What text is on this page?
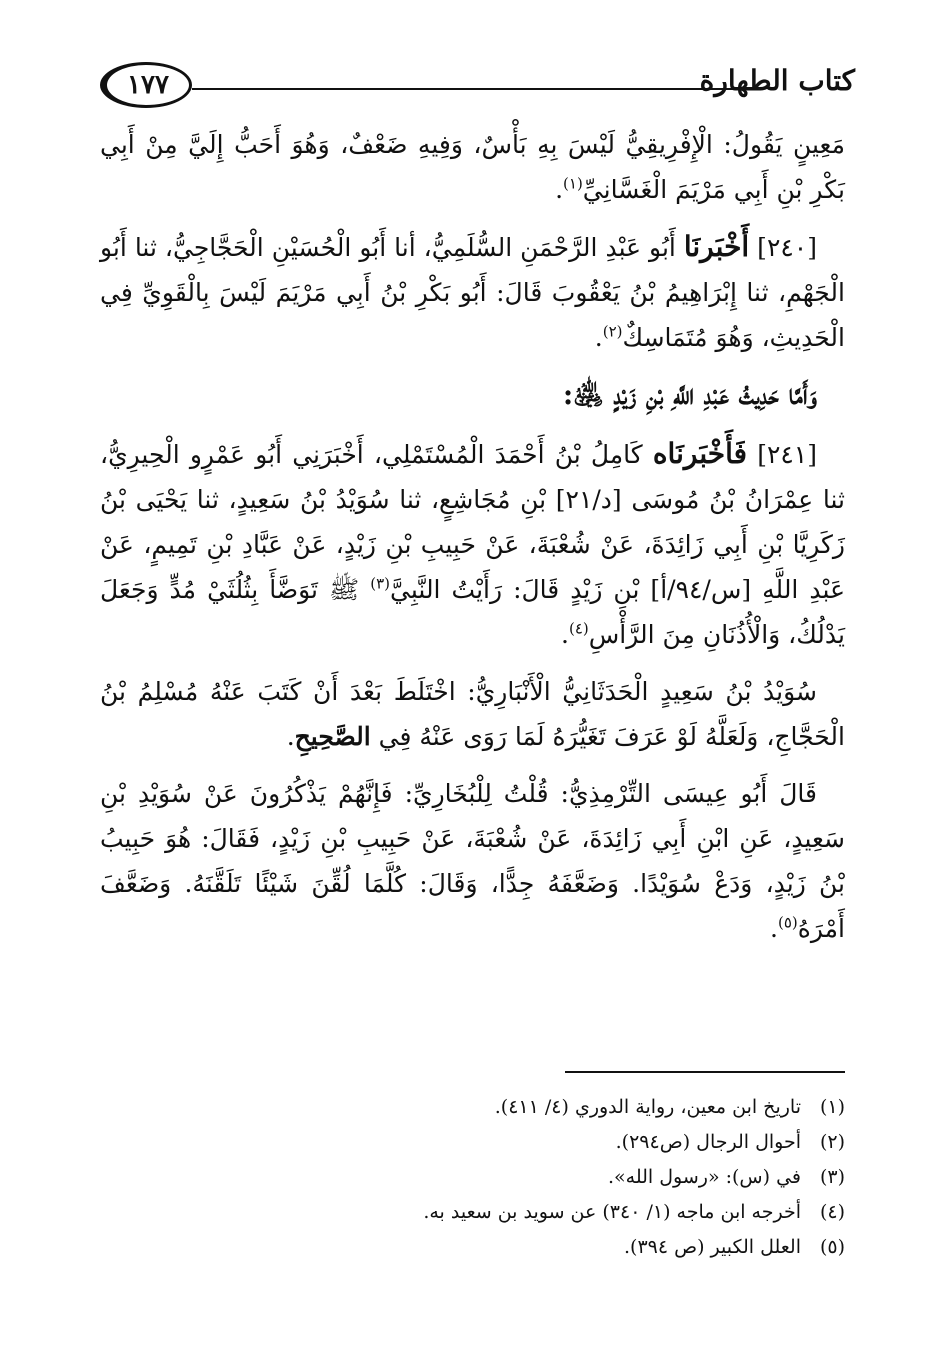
كتاب الطهارة
١٧٧

مَعِينٍ يَقُولُ: الْإِفْرِيقِيُّ لَيْسَ بِهِ بَأْسٌ، وَفِيهِ ضَعْفٌ، وَهُوَ أَحَبُّ إِلَيَّ مِنْ أَبِي بَكْرِ بْنِ أَبِي مَرْيَمَ الْغَسَّانِيِّ$^{(١)}$.

[٢٤٠] أَخْبَرنَا أَبُو عَبْدِ الرَّحْمَنِ السُّلَمِيُّ، أنا أَبُو الْحُسَيْنِ الْحَجَّاجِيُّ، ثنا أَبُو الْجَهْمِ، ثنا إِبْرَاهِيمُ بْنُ يَعْقُوبَ قَالَ: أَبُو بَكْرِ بْنُ أَبِي مَرْيَمَ لَيْسَ بِالْقَوِيِّ فِي الْحَدِيثِ، وَهُوَ مُتَمَاسِكٌ$^{(٢)}$.

وَأَمَّا حَدِيثُ عَبْدِ اللَّهِ بْنِ زَيْدٍ ﵁:

[٢٤١] فَأَخْبَرنَاه كَامِلُ بْنُ أَحْمَدَ الْمُسْتَمْلِي، أَخْبَرَنِي أَبُو عَمْرٍو الْحِيرِيُّ، ثنا عِمْرَانُ بْنُ مُوسَى [د/٢١] بْنِ مُجَاشِعٍ، ثنا سُوَيْدُ بْنُ سَعِيدٍ، ثنا يَحْيَى بْنُ زَكَرِيَّا بْنِ أَبِي زَائِدَةَ، عَنْ شُعْبَةَ، عَنْ حَبِيبِ بْنِ زَيْدٍ، عَنْ عَبَّادِ بْنِ تَمِيمٍ، عَنْ عَبْدِ اللَّهِ [س/٩٤/أ] بْنِ زَيْدٍ قَالَ: رَأَيْتُ النَّبِيَّ$^{(٣)}$ ﷺ تَوَضَّأَ بِثُلُثَيْ مُدٍّ وَجَعَلَ يَدْلُكُ، وَالْأُذُنَانِ مِنَ الرَّأْسِ$^{(٤)}$.

سُوَيْدُ بْنُ سَعِيدٍ الْحَدَثَانِيُّ الْأَنْبَارِيُّ: اخْتَلَطَ بَعْدَ أَنْ كَتَبَ عَنْهُ مُسْلِمُ بْنُ الْحَجَّاجِ، وَلَعَلَّهُ لَوْ عَرَفَ تَغَيُّرَهُ لَمَا رَوَى عَنْهُ فِي الصَّحِيحِ.

قَالَ أَبُو عِيسَى التِّرْمِذِيُّ: قُلْتُ لِلْبُخَارِيِّ: فَإِنَّهُمْ يَذْكُرُونَ عَنْ سُوَيْدِ بْنِ سَعِيدٍ، عَنِ ابْنِ أَبِي زَائِدَةَ، عَنْ شُعْبَةَ، عَنْ حَبِيبِ بْنِ زَيْدٍ، فَقَالَ: هُوَ حَبِيبُ بْنُ زَيْدٍ، وَدَعْ سُوَيْدًا. وَضَعَّفَهُ جِدًّا، وَقَالَ: كُلَّمَا لُقِّنَ شَيْئًا تَلَقَّنَهُ. وَضَعَّفَ أَمْرَهُ$^{(٥)}$.

(١)تاريخ ابن معين، رواية الدوري (٤/ ٤١١).
(٢)أحوال الرجال (ص٢٩٤).
(٣)في (س): «رسول الله».
(٤)أخرجه ابن ماجه (١/ ٣٤٠) عن سويد بن سعيد به.
(٥)العلل الكبير (ص ٣٩٤).
